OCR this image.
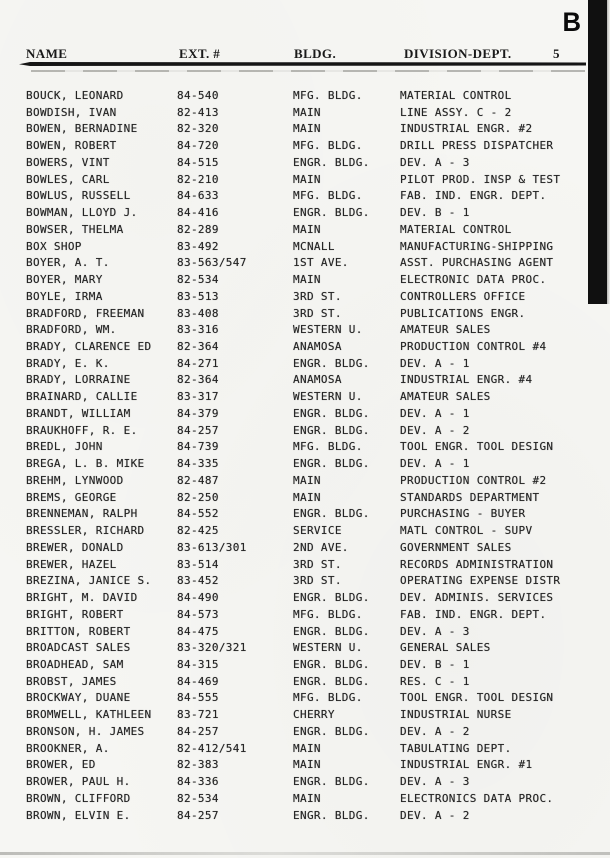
B
NAME	EXT. #	BLDG.	DIVISION-DEPT.	5
BOUCK, LEONARD	84-540	MFG. BLDG.	MATERIAL CONTROL
BOWDISH, IVAN	82-413	MAIN	LINE ASSY. C - 2
BOWEN, BERNADINE	82-320	MAIN	INDUSTRIAL ENGR. #2
BOWEN, ROBERT	84-720	MFG. BLDG.	DRILL PRESS DISPATCHER
BOWERS, VINT	84-515	ENGR. BLDG.	DEV. A - 3
BOWLES, CARL	82-210	MAIN	PILOT PROD. INSP & TEST
BOWLUS, RUSSELL	84-633	MFG. BLDG.	FAB. IND. ENGR. DEPT.
BOWMAN, LLOYD J.	84-416	ENGR. BLDG.	DEV. B - 1
BOWSER, THELMA	82-289	MAIN	MATERIAL CONTROL
BOX SHOP	83-492	MCNALL	MANUFACTURING-SHIPPING
BOYER, A. T.	83-563/547	1ST AVE.	ASST. PURCHASING AGENT
BOYER, MARY	82-534	MAIN	ELECTRONIC DATA PROC.
BOYLE, IRMA	83-513	3RD ST.	CONTROLLERS OFFICE
BRADFORD, FREEMAN	83-408	3RD ST.	PUBLICATIONS ENGR.
BRADFORD, WM.	83-316	WESTERN U.	AMATEUR SALES
BRADY, CLARENCE ED 82-364	ANAMOSA	PRODUCTION CONTROL #4
BRADY, E. K.	84-271	ENGR. BLDG.	DEV. A - 1
BRADY, LORRAINE	82-364	ANAMOSA	INDUSTRIAL ENGR. #4
BRAINARD, CALLIE	83-317	WESTERN U.	AMATEUR SALES
BRANDT, WILLIAM	84-379	ENGR. BLDG.	DEV. A - 1
BRAUKHOFF, R. E.	84-257	ENGR. BLDG.	DEV. A - 2
BREDL, JOHN	84-739	MFG. BLDG.	TOOL ENGR. TOOL DESIGN
BREGA, L. B. MIKE	84-335	ENGR. BLDG.	DEV. A - 1
BREHM, LYNWOOD	82-487	MAIN	PRODUCTION CONTROL #2
BREMS, GEORGE	82-250	MAIN	STANDARDS DEPARTMENT
BRENNEMAN, RALPH	84-552	ENGR. BLDG.	PURCHASING - BUYER
BRESSLER, RICHARD	82-425	SERVICE	MATL CONTROL - SUPV
BREWER, DONALD	83-613/301	2ND AVE.	GOVERNMENT SALES
BREWER, HAZEL	83-514	3RD ST.	RECORDS ADMINISTRATION
BREZINA, JANICE S. 83-452	3RD ST.	OPERATING EXPENSE DISTR
BRIGHT, M. DAVID	84-490	ENGR. BLDG.	DEV. ADMINIS. SERVICES
BRIGHT, ROBERT	84-573	MFG. BLDG.	FAB. IND. ENGR. DEPT.
BRITTON, ROBERT	84-475	ENGR. BLDG.	DEV. A - 3
BROADCAST SALES	83-320/321	WESTERN U.	GENERAL SALES
BROADHEAD, SAM	84-315	ENGR. BLDG.	DEV. B - 1
BROBST, JAMES	84-469	ENGR. BLDG.	RES. C - 1
BROCKWAY, DUANE	84-555	MFG. BLDG.	TOOL ENGR. TOOL DESIGN
BROMWELL, KATHLEEN 83-721	CHERRY	INDUSTRIAL NURSE
BRONSON, H. JAMES	84-257	ENGR. BLDG.	DEV. A - 2
BROOKNER, A.	82-412/541	MAIN	TABULATING DEPT.
BROWER, ED	82-383	MAIN	INDUSTRIAL ENGR. #1
BROWER, PAUL H.	84-336	ENGR. BLDG.	DEV. A - 3
BROWN, CLIFFORD	82-534	MAIN	ELECTRONICS DATA PROC.
BROWN, ELVIN E.	84-257	ENGR. BLDG.	DEV. A - 2
